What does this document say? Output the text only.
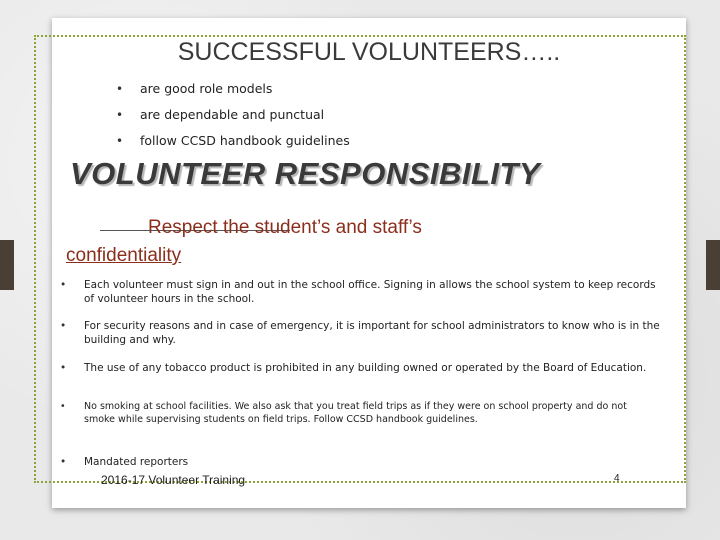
SUCCESSFUL VOLUNTEERS…..
• are good role models
• are dependable and punctual
• follow CCSD handbook guidelines
VOLUNTEER RESPONSIBILITY
Respect the student’s and staff’s
confidentiality
• Each volunteer must sign in and out in the school office. Signing in allows the school system to keep records of volunteer hours in the school.
• For security reasons and in case of emergency, it is important for school administrators to know who is in the building and why.
• The use of any tobacco product is prohibited in any building owned or operated by the Board of Education.
• No smoking at school facilities. We also ask that you treat field trips as if they were on school property and do not smoke while supervising students on field trips. Follow CCSD handbook guidelines.
• Mandated reporters
2016-17 Volunteer Training	4
